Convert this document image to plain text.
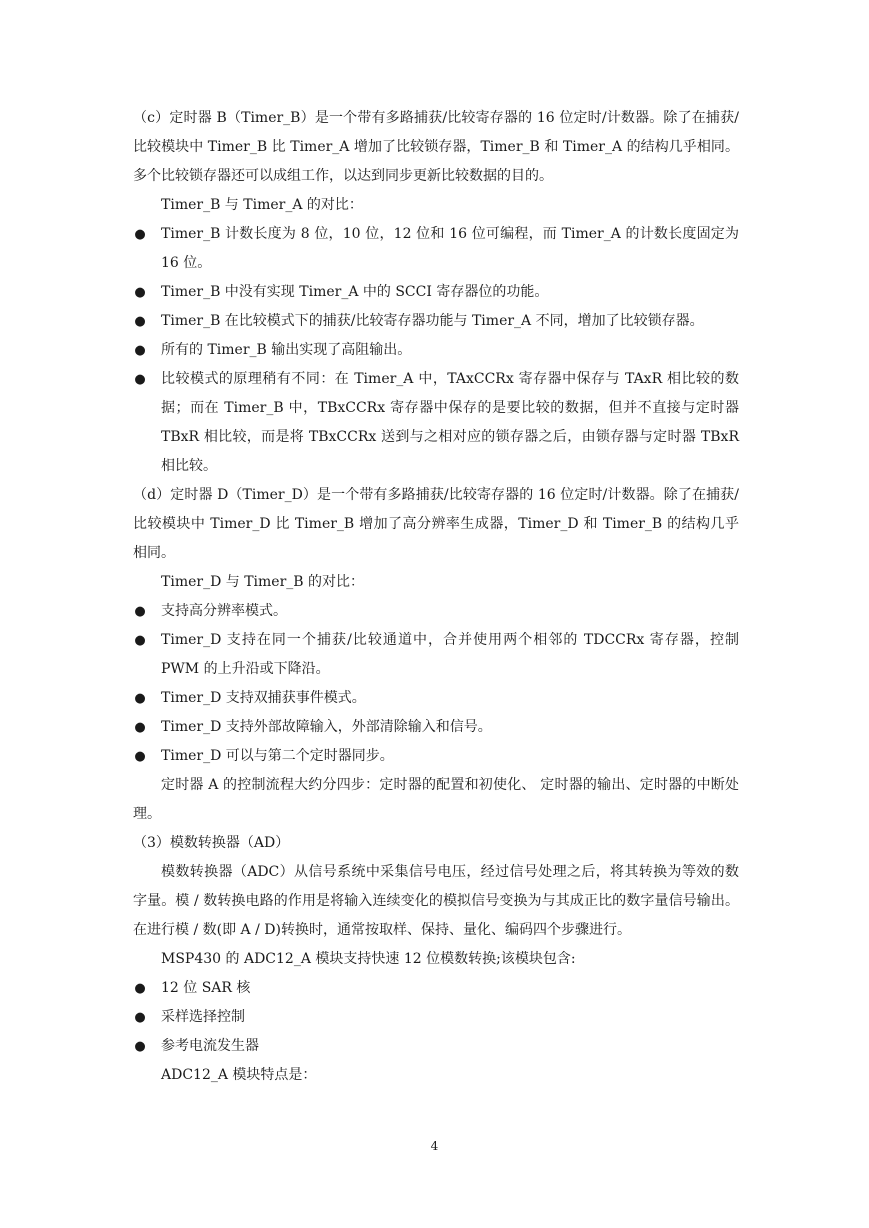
（c）定时器 B（Timer_B）是一个带有多路捕获/比较寄存器的 16 位定时/计数器。除了在捕获/比较模块中 Timer_B 比 Timer_A 增加了比较锁存器，Timer_B 和 Timer_A 的结构几乎相同。多个比较锁存器还可以成组工作，以达到同步更新比较数据的目的。

Timer_B 与 Timer_A 的对比：

● Timer_B 计数长度为 8 位，10 位，12 位和 16 位可编程，而 Timer_A 的计数长度固定为 16 位。
● Timer_B 中没有实现 Timer_A 中的 SCCI 寄存器位的功能。
● Timer_B 在比较模式下的捕获/比较寄存器功能与 Timer_A 不同，增加了比较锁存器。
● 所有的 Timer_B 输出实现了高阻输出。
● 比较模式的原理稍有不同：在 Timer_A 中，TAxCCRx 寄存器中保存与 TAxR 相比较的数据；而在 Timer_B 中，TBxCCRx 寄存器中保存的是要比较的数据，但并不直接与定时器 TBxR 相比较，而是将 TBxCCRx 送到与之相对应的锁存器之后，由锁存器与定时器 TBxR 相比较。

（d）定时器 D（Timer_D）是一个带有多路捕获/比较寄存器的 16 位定时/计数器。除了在捕获/比较模块中 Timer_D 比 Timer_B 增加了高分辨率生成器，Timer_D 和 Timer_B 的结构几乎相同。

Timer_D 与 Timer_B 的对比：

● 支持高分辨率模式。
● Timer_D 支持在同一个捕获/比较通道中，合并使用两个相邻的 TDCCRx 寄存器，控制 PWM 的上升沿或下降沿。
● Timer_D 支持双捕获事件模式。
● Timer_D 支持外部故障输入，外部清除输入和信号。
● Timer_D 可以与第二个定时器同步。

定时器 A 的控制流程大约分四步：定时器的配置和初使化、 定时器的输出、定时器的中断处理。

（3）模数转换器（AD）

模数转换器（ADC）从信号系统中采集信号电压，经过信号处理之后，将其转换为等效的数字量。模 / 数转换电路的作用是将输入连续变化的模拟信号变换为与其成正比的数字量信号输出。在进行模 / 数(即 A / D)转换时，通常按取样、保持、量化、编码四个步骤进行。

MSP430 的 ADC12_A 模块支持快速 12 位模数转换;该模块包含:

● 12 位 SAR 核
● 采样选择控制
● 参考电流发生器

ADC12_A 模块特点是：

4
